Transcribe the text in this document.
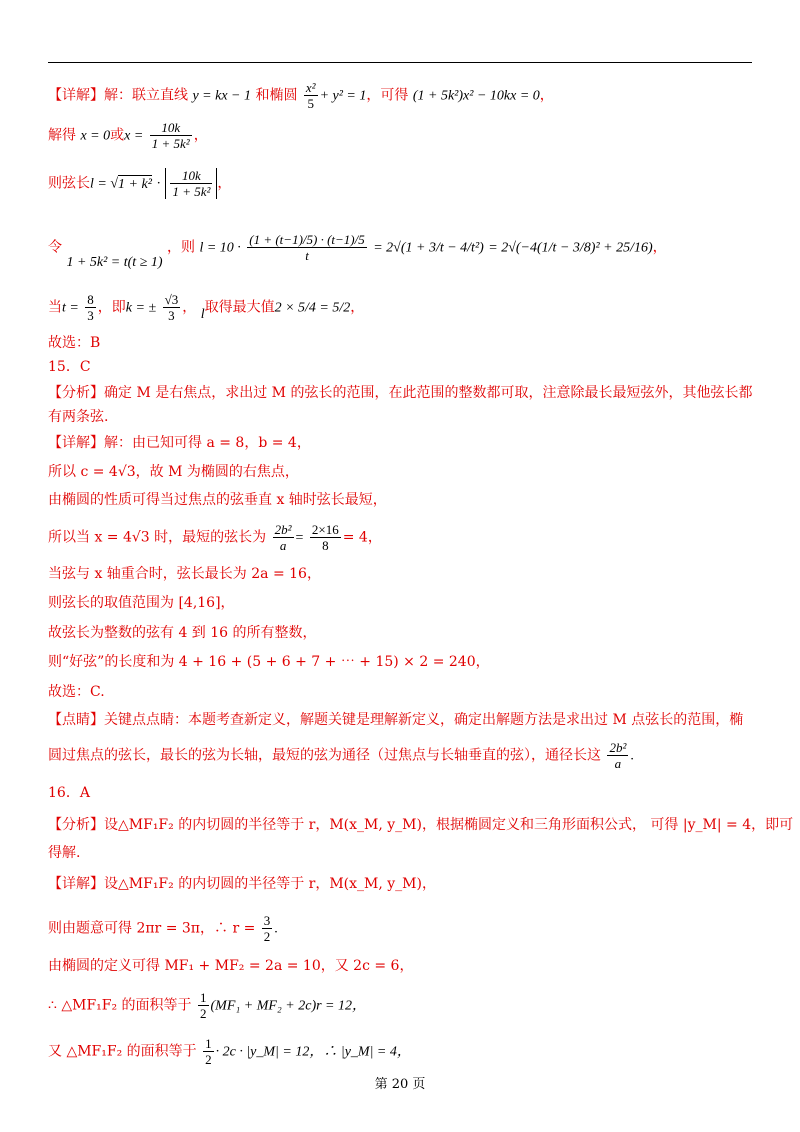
【详解】解：联立直线 y = kx − 1 和椭圆 $\frac{\text{x²}}{5} + y^2 = 1$，可得 (1 + 5k²)x² − 10kx = 0，
解得 x = 0或$x = \frac{10k}{\text{1 + 5k²}}$ ，
则弦长$l = √1 + k^2 \cdot \frac{10k}{\text{1 + 5k²}}$ ，
令 1 + 5k² = t(t ≥ 1) ，则 $l = 10 \cdot \frac{(1 + (t-1)/5) \cdot (t-1)/5}{t} = 2√(1 + 3/t - 4/t^2) = 2√(-4(1/t - 3/8)^2 + 25/16)$，
当$t = \frac{8}{3}$ ，即k = ± $\frac{√3}{3}$ ， l取得最大值2 × 5/4 = 5/2，
故选：B
15．C
【分析】确定 M 是右焦点，求出过 M 的弦长的范围，在此范围的整数都可取，注意除最长最短弦外，其他弦长都
有两条弦.
【详解】解：由已知可得 a = 8，b = 4，
所以 c = 4√3，故 M 为椭圆的右焦点，
由椭圆的性质可得当过焦点的弦垂直 x 轴时弦长最短，
所以当 x = 4√3 时，最短的弦长为 $\frac{\text{2b²}}{a} = \frac{2\times 16}{8} = 4$，
当弦与 x 轴重合时，弦长最长为 2a = 16，
则弦长的取值范围为 [4,16]，
故弦长为整数的弦有 4 到 16 的所有整数，
则“好弦”的长度和为 4 + 16 + (5 + 6 + 7 + ⋯ + 15) × 2 = 240，
故选：C.
【点睛】关键点点睛：本题考查新定义，解题关键是理解新定义，确定出解题方法是求出过 M 点弦长的范围，椭
圆过焦点的弦长，最长的弦为长轴，最短的弦为通径（过焦点与长轴垂直的弦），通径长这 $\frac{\text{2b²}}{a}$ .
16．A
【分析】设△MF₁F₂ 的内切圆的半径等于 r，M(x_M, y_M)，根据椭圆定义和三角形面积公式， 可得 |y_M| = 4，即可
得解.
【详解】设△MF₁F₂ 的内切圆的半径等于 r，M(x_M, y_M)，
则由题意可得 2πr = 3π，∴ $r = \frac{3}{2}$ .
由椭圆的定义可得 MF₁ + MF₂ = 2a = 10，又 2c = 6，
∴ △MF₁F₂ 的面积等于 $\frac{1}{2} (MF_1 + MF_2 + 2c)r = 12$，
又 △MF₁F₂ 的面积等于 $\frac{1}{2} \cdot 2c$ · |y_M| = 12，∴ |y_M| = 4，
第 20 页
